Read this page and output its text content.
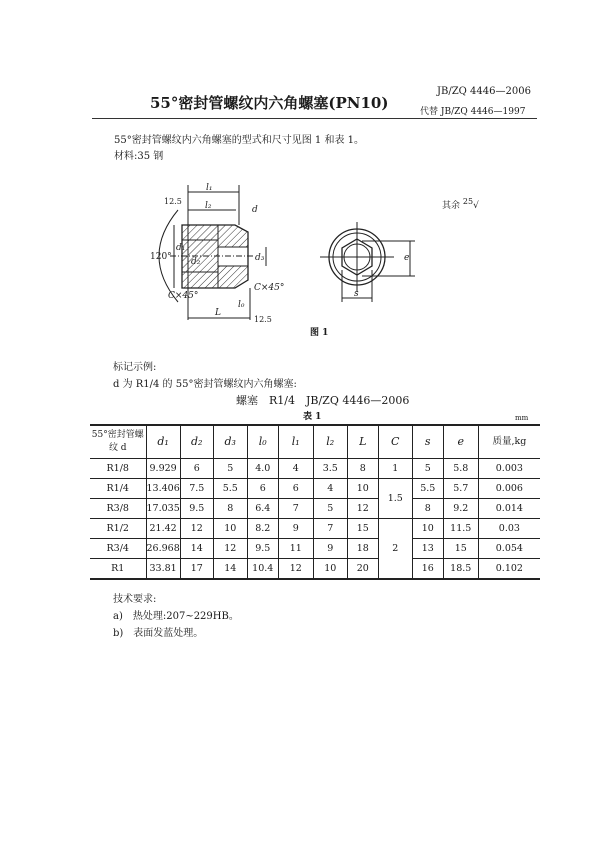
55°密封管螺纹内六角螺塞(PN10)
JB/ZQ 4446—2006
代替 JB/ZQ 4446—1997
55°密封管螺纹内六角螺塞的型式和尺寸见图 1 和表 1。
材料:35 钢
l₁
l₂	d
120°
d₁
d₂	d₃
C×45°
C×45°
l₀
L
12.5
12.5
e
s
其余 $^{25}$√
图 1
标记示例:
d 为 R1/4 的 55°密封管螺纹内六角螺塞:
螺塞　R1/4　JB/ZQ 4446—2006
表 1	mm
55°密封管螺纹 d	d₁	d₂	d₃	l₀	l₁	l₂	L	C	s	e	质量,kg
R1/8	9.929	6	5	4.0	4	3.5	8	1	5	5.8	0.003
R1/4	13.406	7.5	5.5	6	6	4	10	1.5	5.5	5.7	0.006
R3/8	17.035	9.5	8	6.4	7	5	12		8	9.2	0.014
R1/2	21.42	12	10	8.2	9	7	15	2	10	11.5	0.03
R3/4	26.968	14	12	9.5	11	9	18		13	15	0.054
R1	33.81	17	14	10.4	12	10	20		16	18.5	0.102
技术要求:
a)　热处理:207~229HB。
b)　表面发蓝处理。
